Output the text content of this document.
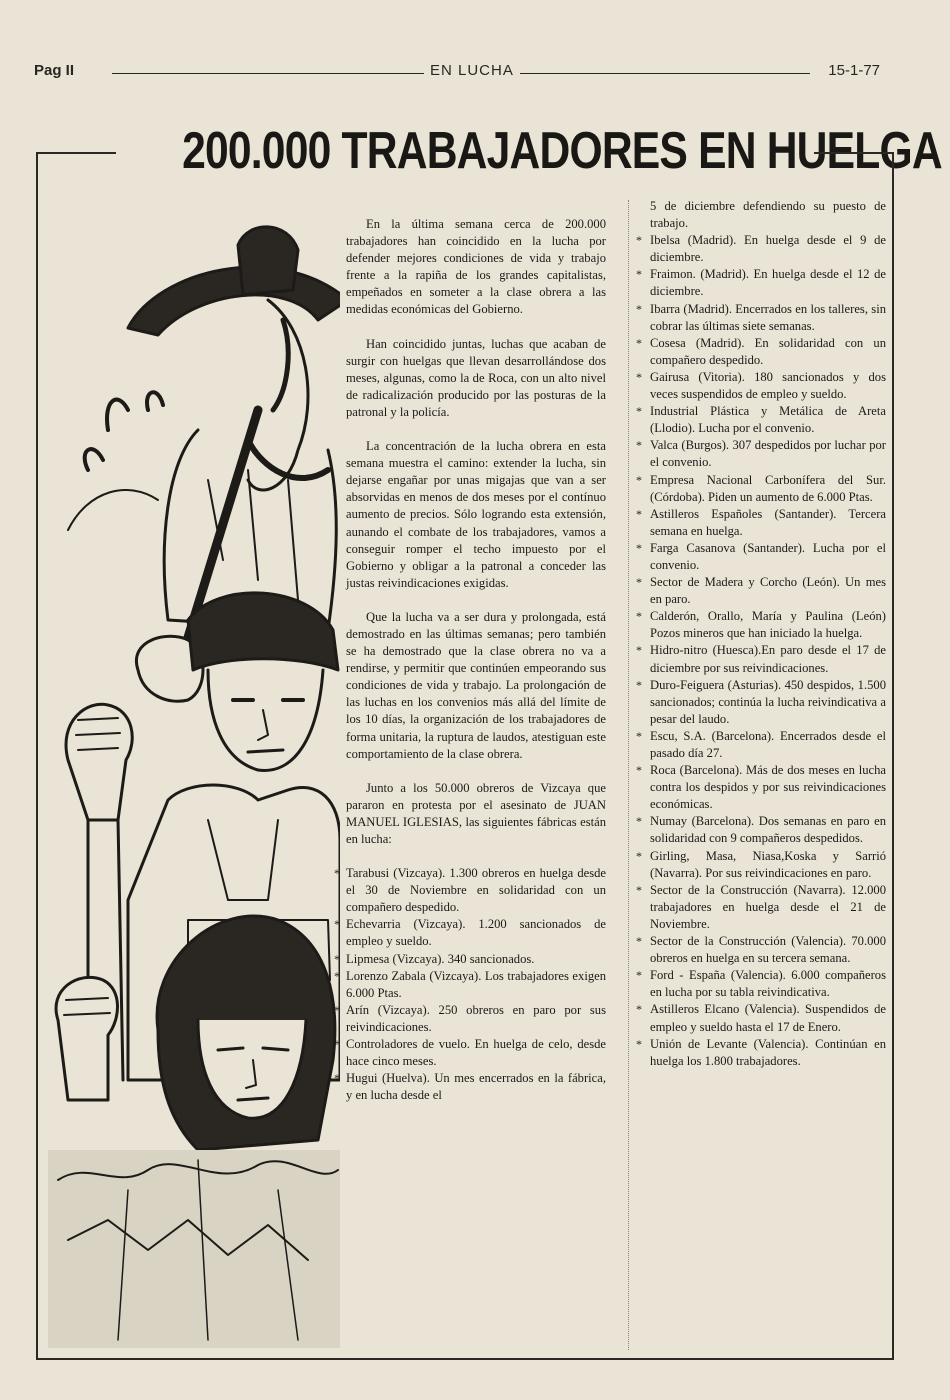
Pag II	EN LUCHA	15-1-77
200.000 TRABAJADORES EN HUELGA

En la última semana cerca de 200.000 trabajadores han coincidido en la lucha por defender mejores condiciones de vida y trabajo frente a la rapiña de los grandes capitalistas, empeñados en someter a la clase obrera a las medidas económicas del Gobierno.

Han coincidido juntas, luchas que acaban de surgir con huelgas que llevan desarrollándose dos meses, algunas, como la de Roca, con un alto nivel de radicalización producido por las posturas de la patronal y la policía.

La concentración de la lucha obrera en esta semana muestra el camino: extender la lucha, sin dejarse engañar por unas migajas que van a ser absorvidas en menos de dos meses por el contínuo aumento de precios. Sólo logrando esta extensión, aunando el combate de los trabajadores, vamos a conseguir romper el techo impuesto por el Gobierno y obligar a la patronal a conceder las justas reivindicaciones exigidas.

Que la lucha va a ser dura y prolongada, está demostrado en las últimas semanas; pero también se ha demostrado que la clase obrera no va a rendirse, y permitir que continúen empeorando sus condiciones de vida y trabajo. La prolongación de las luchas en los convenios más allá del límite de los 10 días, la organización de los trabajadores de forma unitaria, la ruptura de laudos, atestiguan este comportamiento de la clase obrera.

Junto a los 50.000 obreros de Vizcaya que pararon en protesta por el asesinato de JUAN MANUEL IGLESIAS, las siguientes fábricas están en lucha:

* Tarabusi (Vizcaya). 1.300 obreros en huelga desde el 30 de Noviembre en solidaridad con un compañero despedido.
* Echevarria (Vizcaya). 1.200 sancionados de empleo y sueldo.
* Lipmesa (Vizcaya). 340 sancionados.
* Lorenzo Zabala (Vizcaya). Los trabajadores exigen 6.000 Ptas.
* Arín (Vizcaya). 250 obreros en paro por sus reivindicaciones.
* Controladores de vuelo. En huelga de celo, desde hace cinco meses.
* Hugui (Huelva). Un mes encerrados en la fábrica, y en lucha desde el
5 de diciembre defendiendo su puesto de trabajo.
* Ibelsa (Madrid). En huelga desde el 9 de diciembre.
* Fraimon. (Madrid). En huelga desde el 12 de diciembre.
* Ibarra (Madrid). Encerrados en los talleres, sin cobrar las últimas siete semanas.
* Cosesa (Madrid). En solidaridad con un compañero despedido.
* Gairusa (Vitoria). 180 sancionados y dos veces suspendidos de empleo y sueldo.
* Industrial Plástica y Metálica de Areta (Llodio). Lucha por el convenio.
* Valca (Burgos). 307 despedidos por luchar por el convenio.
* Empresa Nacional Carbonífera del Sur. (Córdoba). Piden un aumento de 6.000 Ptas.
* Astilleros Españoles (Santander). Tercera semana en huelga.
* Farga Casanova (Santander). Lucha por el convenio.
* Sector de Madera y Corcho (León). Un mes en paro.
* Calderón, Orallo, María y Paulina (León) Pozos mineros que han iniciado la huelga.
* Hidro-nitro (Huesca).En paro desde el 17 de diciembre por sus reivindicaciones.
* Duro-Feiguera (Asturias). 450 despidos, 1.500 sancionados; continúa la lucha reivindicativa a pesar del laudo.
* Escu, S.A. (Barcelona). Encerrados desde el pasado día 27.
* Roca (Barcelona). Más de dos meses en lucha contra los despidos y por sus reivindicaciones económicas.
* Numay (Barcelona). Dos semanas en paro en solidaridad con 9 compañeros despedidos.
* Girling, Masa, Niasa,Koska y Sarrió (Navarra). Por sus reivindicaciones en paro.
* Sector de la Construcción (Navarra). 12.000 trabajadores en huelga desde el 21 de Noviembre.
* Sector de la Construcción (Valencia). 70.000 obreros en huelga en su tercera semana.
* Ford - España (Valencia). 6.000 compañeros en lucha por su tabla reivindicativa.
* Astilleros Elcano (Valencia). Suspendidos de empleo y sueldo hasta el 17 de Enero.
* Unión de Levante (Valencia). Continúan en huelga los 1.800 trabajadores.
